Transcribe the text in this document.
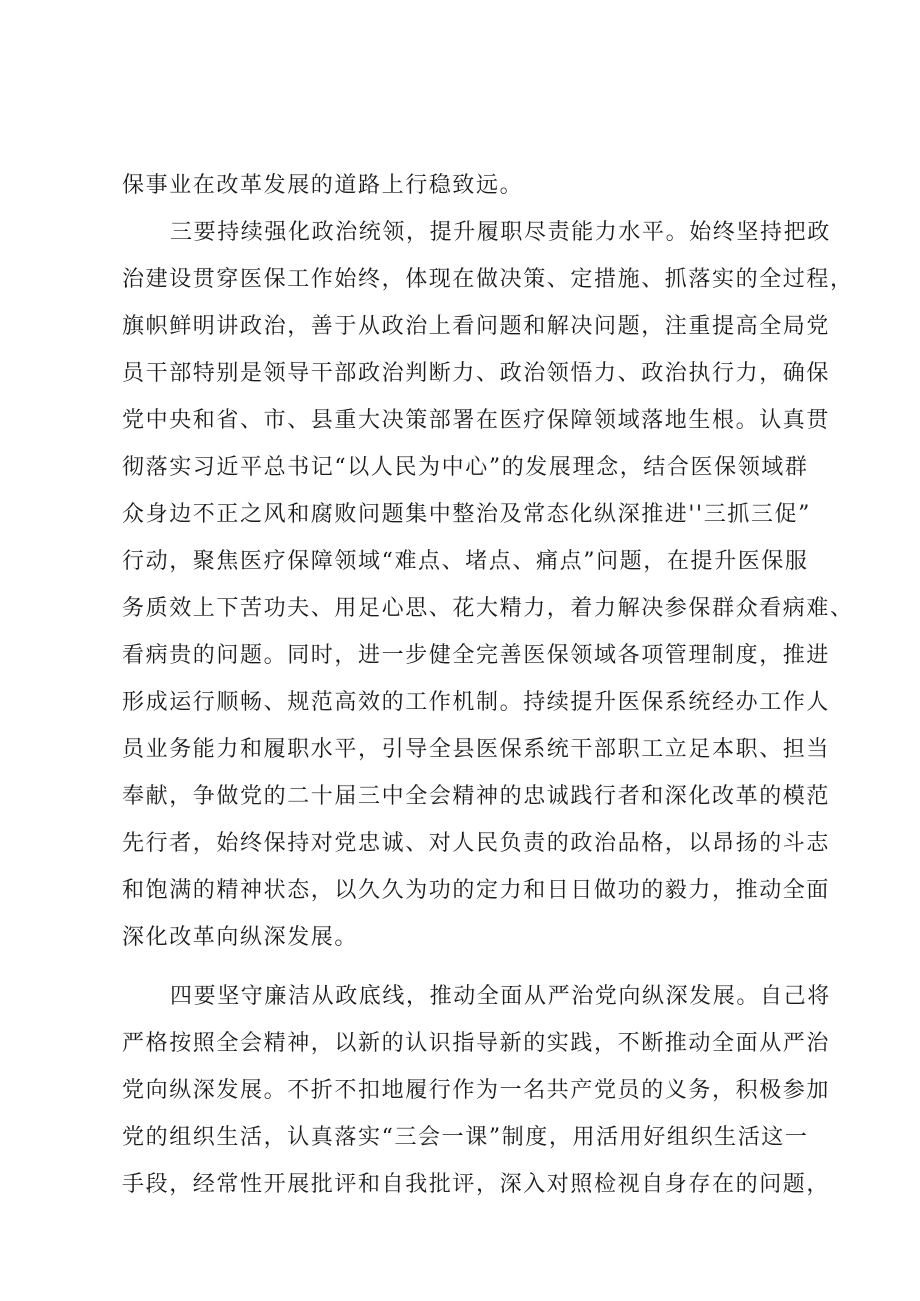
保事业在改革发展的道路上行稳致远。

三要持续强化政治统领，提升履职尽责能力水平。始终坚持把政
治建设贯穿医保工作始终，体现在做决策、定措施、抓落实的全过程，
旗帜鲜明讲政治，善于从政治上看问题和解决问题，注重提高全局党
员干部特别是领导干部政治判断力、政治领悟力、政治执行力，确保
党中央和省、市、县重大决策部署在医疗保障领域落地生根。认真贯
彻落实习近平总书记“以人民为中心”的发展理念，结合医保领域群
众身边不正之风和腐败问题集中整治及常态化纵深推进''三抓三促”
行动，聚焦医疗保障领域“难点、堵点、痛点”问题，在提升医保服
务质效上下苦功夫、用足心思、花大精力，着力解决参保群众看病难、
看病贵的问题。同时，进一步健全完善医保领域各项管理制度，推进
形成运行顺畅、规范高效的工作机制。持续提升医保系统经办工作人
员业务能力和履职水平，引导全县医保系统干部职工立足本职、担当
奉献，争做党的二十届三中全会精神的忠诚践行者和深化改革的模范
先行者，始终保持对党忠诚、对人民负责的政治品格，以昂扬的斗志
和饱满的精神状态，以久久为功的定力和日日做功的毅力，推动全面
深化改革向纵深发展。

四要坚守廉洁从政底线，推动全面从严治党向纵深发展。自己将
严格按照全会精神，以新的认识指导新的实践，不断推动全面从严治
党向纵深发展。不折不扣地履行作为一名共产党员的义务，积极参加
党的组织生活，认真落实“三会一课”制度，用活用好组织生活这一
手段，经常性开展批评和自我批评，深入对照检视自身存在的问题，
